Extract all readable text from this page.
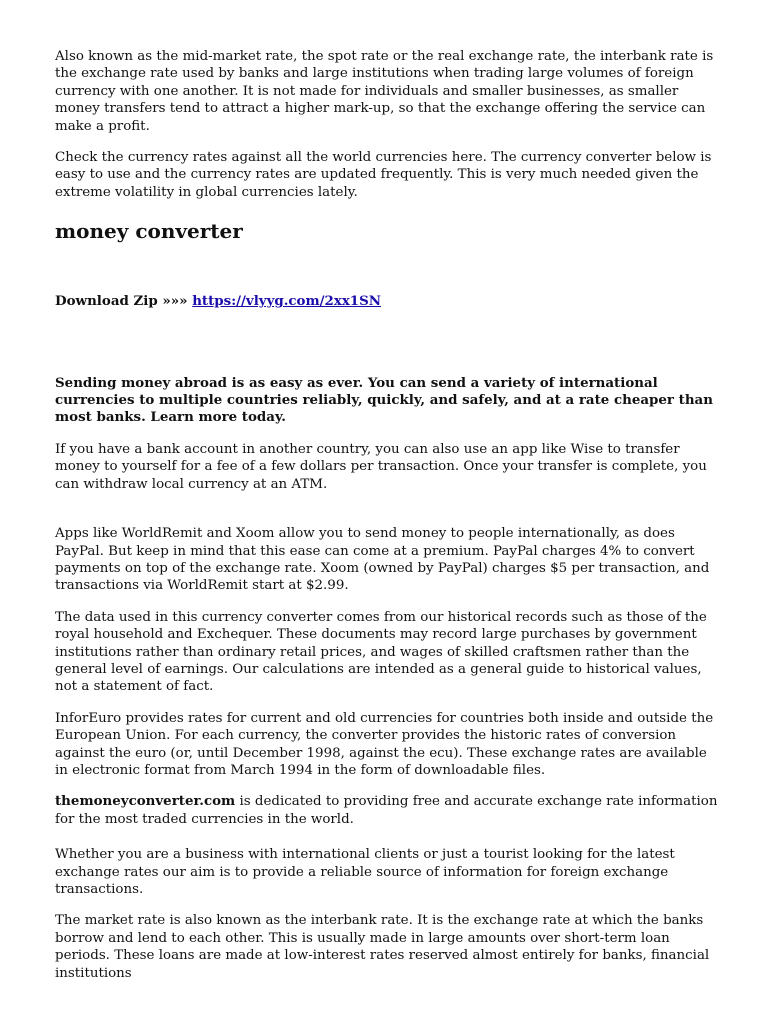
Also known as the mid-market rate, the spot rate or the real exchange rate, the interbank rate is the exchange rate used by banks and large institutions when trading large volumes of foreign currency with one another. It is not made for individuals and smaller businesses, as smaller money transfers tend to attract a higher mark-up, so that the exchange offering the service can make a profit.

Check the currency rates against all the world currencies here. The currency converter below is easy to use and the currency rates are updated frequently. This is very much needed given the extreme volatility in global currencies lately.

money converter

Download Zip »»» https://vlyyg.com/2xx1SN

Sending money abroad is as easy as ever. You can send a variety of international currencies to multiple countries reliably, quickly, and safely, and at a rate cheaper than most banks. Learn more today.

If you have a bank account in another country, you can also use an app like Wise to transfer money to yourself for a fee of a few dollars per transaction. Once your transfer is complete, you can withdraw local currency at an ATM.

Apps like WorldRemit and Xoom allow you to send money to people internationally, as does PayPal. But keep in mind that this ease can come at a premium. PayPal charges 4% to convert payments on top of the exchange rate. Xoom (owned by PayPal) charges $5 per transaction, and transactions via WorldRemit start at $2.99.

The data used in this currency converter comes from our historical records such as those of the royal household and Exchequer. These documents may record large purchases by government institutions rather than ordinary retail prices, and wages of skilled craftsmen rather than the general level of earnings. Our calculations are intended as a general guide to historical values, not a statement of fact.

InforEuro provides rates for current and old currencies for countries both inside and outside the European Union. For each currency, the converter provides the historic rates of conversion against the euro (or, until December 1998, against the ecu). These exchange rates are available in electronic format from March 1994 in the form of downloadable files.

themoneyconverter.com is dedicated to providing free and accurate exchange rate information for the most traded currencies in the world.

Whether you are a business with international clients or just a tourist looking for the latest exchange rates our aim is to provide a reliable source of information for foreign exchange transactions.

The market rate is also known as the interbank rate. It is the exchange rate at which the banks borrow and lend to each other. This is usually made in large amounts over short-term loan periods. These loans are made at low-interest rates reserved almost entirely for banks, financial institutions
